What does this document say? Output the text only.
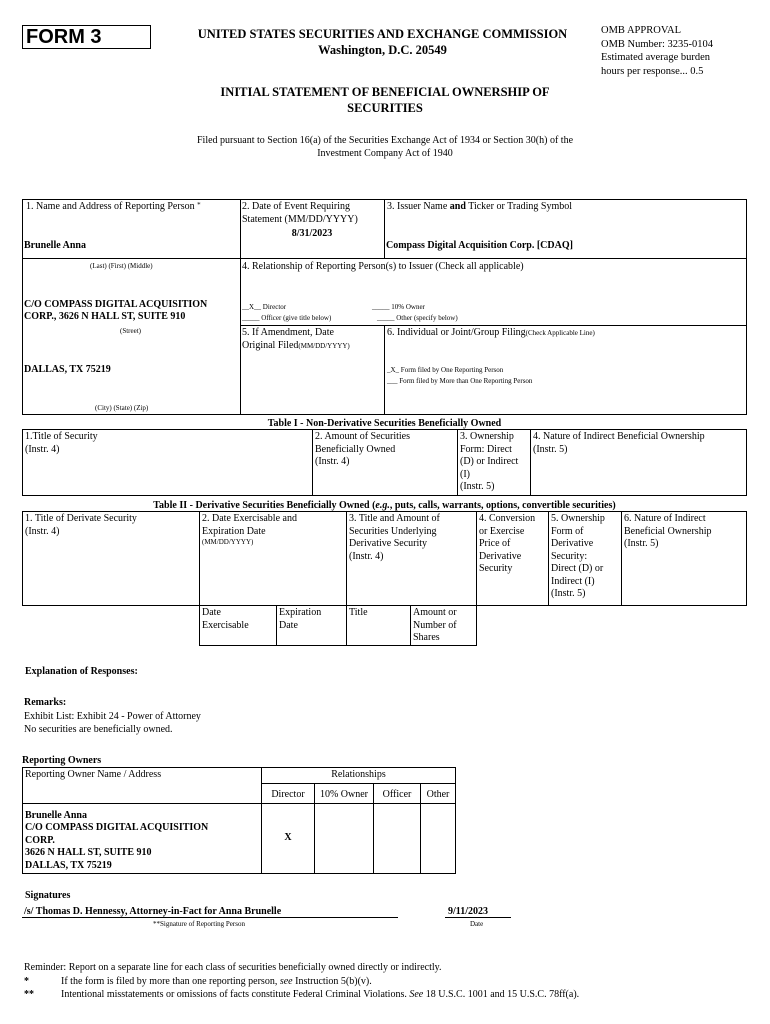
FORM 3	UNITED STATES SECURITIES AND EXCHANGE COMMISSION
Washington, D.C. 20549
OMB APPROVAL
OMB Number: 3235-0104
Estimated average burden
hours per response... 0.5
INITIAL STATEMENT OF BENEFICIAL OWNERSHIP OF
SECURITIES
Filed pursuant to Section 16(a) of the Securities Exchange Act of 1934 or Section 30(h) of the
Investment Company Act of 1940
1. Name and Address of Reporting Person *
Brunelle Anna
(Last) (First) (Middle)
C/O COMPASS DIGITAL ACQUISITION
CORP., 3626 N HALL ST, SUITE 910
(Street)
DALLAS, TX 75219
(City) (State) (Zip)
2. Date of Event Requiring
Statement (MM/DD/YYYY)
8/31/2023
3. Issuer Name and Ticker or Trading Symbol
Compass Digital Acquisition Corp. [CDAQ]
4. Relationship of Reporting Person(s) to Issuer (Check all applicable)
__X__ Director	_____ 10% Owner
_____ Officer (give title below)	_____ Other (specify below)
5. If Amendment, Date
Original Filed(MM/DD/YYYY)
6. Individual or Joint/Group Filing(Check Applicable Line)
_X_ Form filed by One Reporting Person
___ Form filed by More than One Reporting Person
Table I - Non-Derivative Securities Beneficially Owned
1.Title of Security
(Instr. 4)
2. Amount of Securities
Beneficially Owned
(Instr. 4)
3. Ownership
Form: Direct
(D) or Indirect
(I)
(Instr. 5)
4. Nature of Indirect Beneficial Ownership
(Instr. 5)
Table II - Derivative Securities Beneficially Owned (e.g., puts, calls, warrants, options, convertible securities)
1. Title of Derivate Security
(Instr. 4)
2. Date Exercisable and
Expiration Date
(MM/DD/YYYY)
3. Title and Amount of
Securities Underlying
Derivative Security
(Instr. 4)
4. Conversion
or Exercise
Price of
Derivative
Security
5. Ownership
Form of
Derivative
Security:
Direct (D) or
Indirect (I)
(Instr. 5)
6. Nature of Indirect
Beneficial Ownership
(Instr. 5)
Date
Exercisable
Expiration
Date
Title	Amount or
Number of
Shares
Explanation of Responses:
Remarks:
Exhibit List: Exhibit 24 - Power of Attorney
No securities are beneficially owned.
Reporting Owners
Reporting Owner Name / Address	Relationships			
	Director	10% Owner	Officer	Other

Brunelle Anna
C/O COMPASS DIGITAL ACQUISITION
CORP.
3626 N HALL ST, SUITE 910
DALLAS, TX 75219	X			
Signatures
/s/ Thomas D. Hennessy, Attorney-in-Fact for Anna Brunelle	9/11/2023
**Signature of Reporting Person	Date
Reminder: Report on a separate line for each class of securities beneficially owned directly or indirectly.
*	If the form is filed by more than one reporting person, see Instruction 5(b)(v).
**	Intentional misstatements or omissions of facts constitute Federal Criminal Violations. See 18 U.S.C. 1001 and 15 U.S.C. 78ff(a).
